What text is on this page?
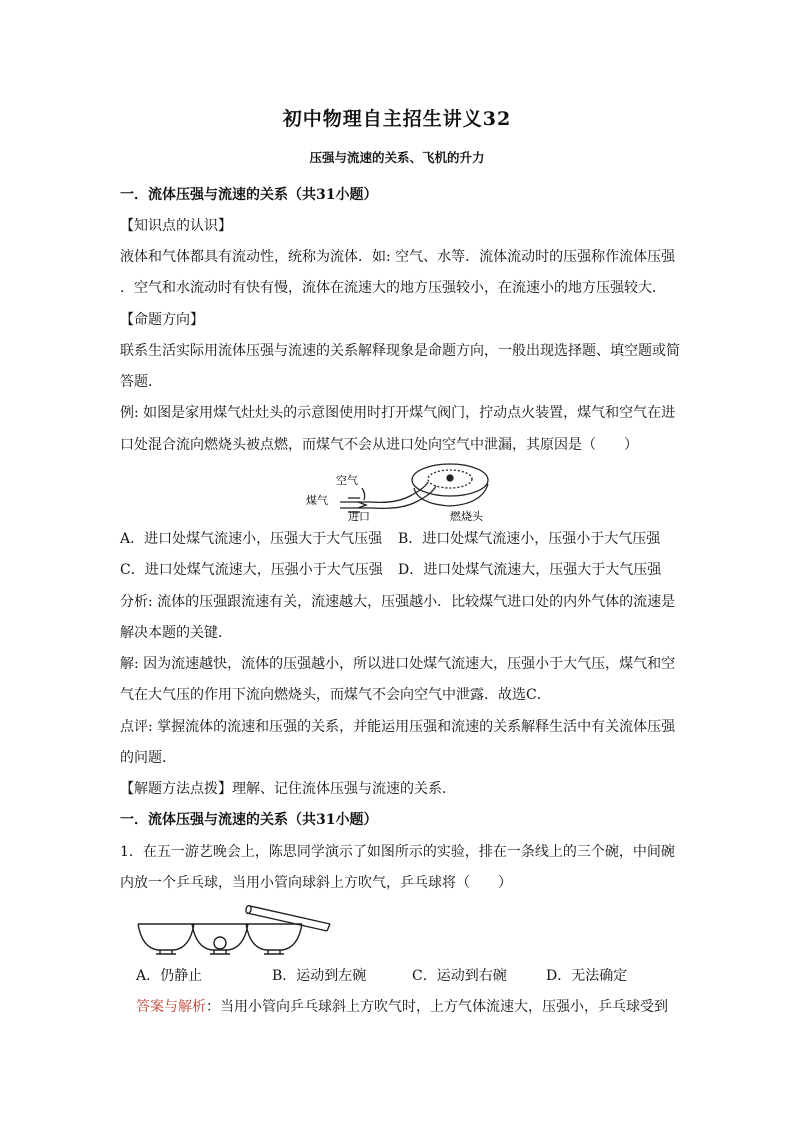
初中物理自主招生讲义32
压强与流速的关系、飞机的升力
一．流体压强与流速的关系（共31小题）
【知识点的认识】
液体和气体都具有流动性，统称为流体．如: 空气、水等．流体流动时的压强称作流体压强
．空气和水流动时有快有慢，流体在流速大的地方压强较小，在流速小的地方压强较大．
【命题方向】
联系生活实际用流体压强与流速的关系解释现象是命题方向，一般出现选择题、填空题或简
答题．
例: 如图是家用煤气灶灶头的示意图使用时打开煤气阀门，拧动点火装置，煤气和空气在进
口处混合流向燃烧头被点燃，而煤气不会从进口处向空气中泄漏，其原因是（　　）
空气
煤气
进口	燃烧头
A．进口处煤气流速小，压强大于大气压强 B．进口处煤气流速小，压强小于大气压强
C．进口处煤气流速大，压强小于大气压强 D．进口处煤气流速大，压强大于大气压强
分析: 流体的压强跟流速有关，流速越大，压强越小．比较煤气进口处的内外气体的流速是
解决本题的关键．
解: 因为流速越快，流体的压强越小，所以进口处煤气流速大，压强小于大气压，煤气和空
气在大气压的作用下流向燃烧头，而煤气不会向空气中泄露．故选C．
点评: 掌握流体的流速和压强的关系，并能运用压强和流速的关系解释生活中有关流体压强
的问题．
【解题方法点拨】理解、记住流体压强与流速的关系．
一．流体压强与流速的关系（共31小题）
1．在五一游艺晚会上，陈思同学演示了如图所示的实验，排在一条线上的三个碗，中间碗
内放一个乒乓球，当用小管向球斜上方吹气，乒乓球将（　　）
A．仍静止	B．运动到左碗	C．运动到右碗	D．无法确定
答案与解析：当用小管向乒乓球斜上方吹气时，上方气体流速大，压强小，乒乓球受到
